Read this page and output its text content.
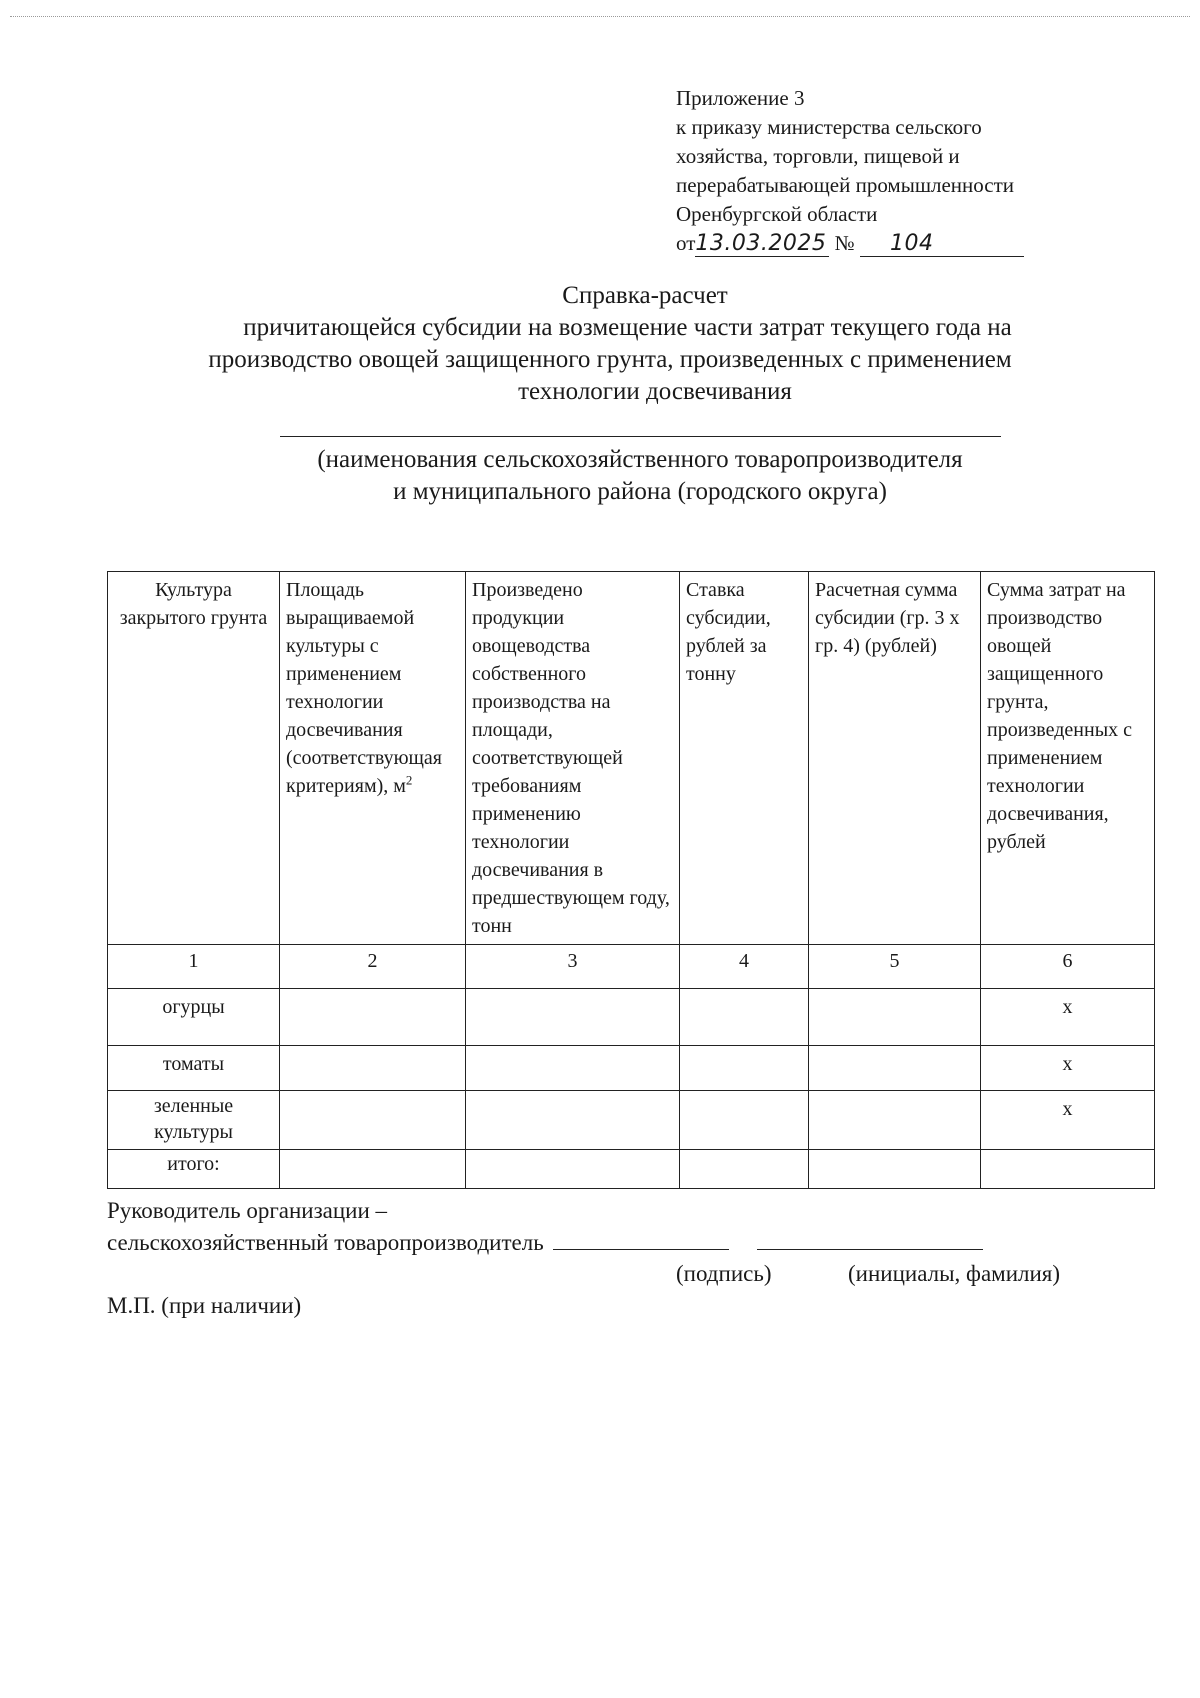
Приложение 3
к приказу министерства сельского
хозяйства, торговли, пищевой и
перерабатывающей промышленности
Оренбургской области
от13.03.2025 № 104
Справка-расчет
причитающейся субсидии на возмещение части затрат текущего года на
производство овощей защищенного грунта, произведенных с применением
технологии досвечивания
(наименования сельскохозяйственного товаропроизводителя
и муниципального района (городского округа)
Культура закрытого грунта	Площадь выращиваемой культуры с применением технологии досвечивания (соответствующая критериям), $м^2$	Произведено продукции овощеводства собственного производства на площади, соответствующей требованиям применению технологии досвечивания в предшествующем году, тонн	Ставка субсидии, рублей за тонну	Расчетная сумма субсидии (гр. 3 x гр. 4) (рублей)	Сумма затрат на производство овощей защищенного грунта, произведенных с применением технологии досвечивания, рублей
1	2	3	4	5	6
огурцы					x
томаты					x
зеленные культуры					x
итого:					
Руководитель организации –
сельскохозяйственный товаропроизводитель
(подпись)	(инициалы, фамилия)
М.П. (при наличии)
